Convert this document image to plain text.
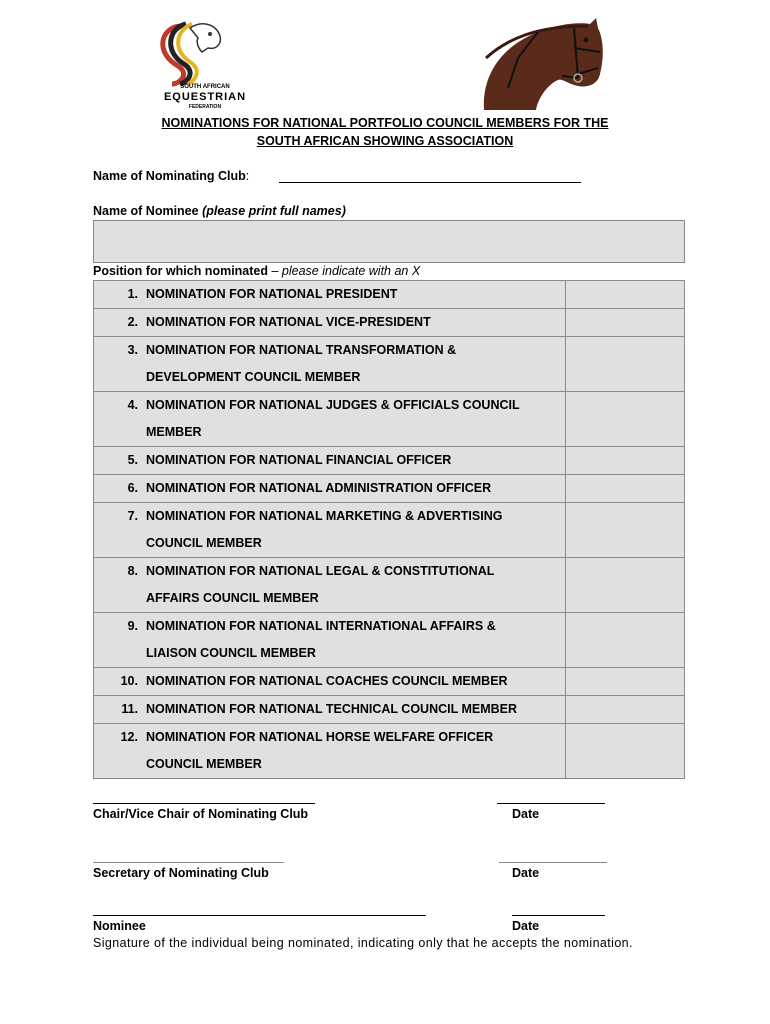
SOUTH AFRICAN
EQUESTRIAN
FEDERATION
NOMINATIONS FOR NATIONAL PORTFOLIO COUNCIL MEMBERS FOR THE
SOUTH AFRICAN SHOWING ASSOCIATION
Name of Nominating Club:
Name of Nominee (please print full names)
Position for which nominated – please indicate with an X
1. NOMINATION FOR NATIONAL PRESIDENT	

2. NOMINATION FOR NATIONAL VICE-PRESIDENT	

3. NOMINATION FOR NATIONAL TRANSFORMATION &
DEVELOPMENT COUNCIL MEMBER	

4. NOMINATION FOR NATIONAL JUDGES & OFFICIALS COUNCIL
MEMBER	

5. NOMINATION FOR NATIONAL FINANCIAL OFFICER	

6. NOMINATION FOR NATIONAL ADMINISTRATION OFFICER	

7. NOMINATION FOR NATIONAL MARKETING & ADVERTISING
COUNCIL MEMBER	

8. NOMINATION FOR NATIONAL LEGAL & CONSTITUTIONAL
AFFAIRS COUNCIL MEMBER	

9. NOMINATION FOR NATIONAL INTERNATIONAL AFFAIRS &
LIAISON COUNCIL MEMBER	

10. NOMINATION FOR NATIONAL COACHES COUNCIL MEMBER	

11. NOMINATION FOR NATIONAL TECHNICAL COUNCIL MEMBER	

12. NOMINATION FOR NATIONAL HORSE WELFARE OFFICER
COUNCIL MEMBER	

Chair/Vice Chair of Nominating Club	Date
Secretary of Nominating Club	Date
Nominee	Date
Signature of the individual being nominated, indicating only that he accepts the nomination.
